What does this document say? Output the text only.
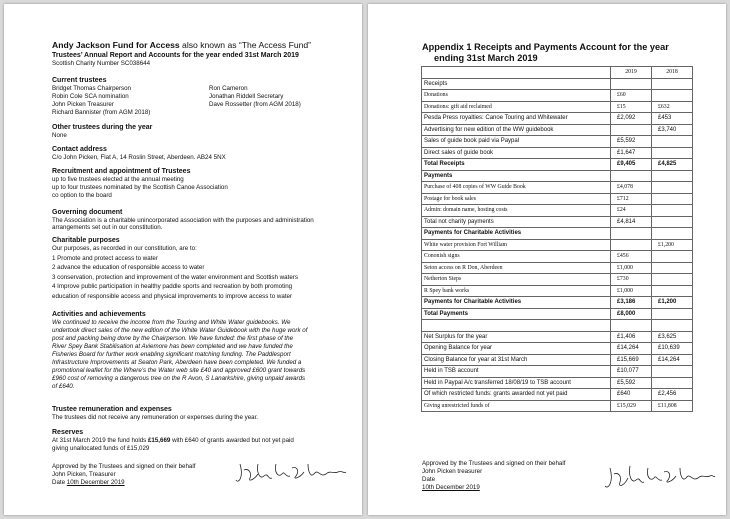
Andy Jackson Fund for Access also known as “The Access Fund”
Trustees’ Annual Report and Accounts for the year ended 31st March 2019
Scottish Charity Number SC038644
Current trustees
Bridget Thomas Chairperson
Robin Cole SCA nomination
John Picken Treasurer
Richard Bannister (from AGM 2018)
Ron Cameron
Jonathan Riddell Secretary
Dave Rossetter (from AGM 2018)
Other trustees during the year
None
Contact address
C/o John Picken, Flat A, 14 Roslin Street, Aberdeen. AB24 5NX
Recruitment and appointment of Trustees
up to five trustees elected at the annual meeting
up to four trustees nominated by the Scottish Canoe Association
co option to the board
Governing document
The Association is a charitable unincorporated association with the purposes and administration
arrangements set out in our constitution.
Charitable purposes
Our purposes, as recorded in our constitution, are to:
1 Promote and protect access to water
2 advance the education of responsible access to water
3 conservation, protection and improvement of the water environment and Scottish waters
4 Improve public participation in healthy paddle sports and recreation by both promoting
education of responsible access and physical improvements to improve access to water
Activities and achievements
We continued to receive the income from the Touring and White Water guidebooks. We
undertook direct sales of the new edition of the White Water Guidebook with the huge work of
post and packing being done by the Chairperson. We have funded: the first phase of the
River Spey Bank Stabilisation at Aviemore has been completed and we have funded the
Fisheries Board for further work enabling significant matching funding. The Paddlesport
Infrastructure Improvements at Seaton Park, Aberdeen have been completed. We funded a
promotional leaflet for the Where’s the Water web site £40 and approved £600 grant towards
£960 cost of removing a dangerous tree on the R Avon, S Lanarkshire, giving unpaid awards
of £640.
Trustee remuneration and expenses
The trustees did not receive any remuneration or expenses during the year.
Reserves
At 31st March 2019 the fund holds £15,669 with £640 of grants awarded but not yet paid
giving unallocated funds of £15,029
Approved by the Trustees and signed on their behalf
John Picken, Treasurer
Date 10th December 2019
Appendix 1 Receipts and Payments Account for the year
ending 31st March 2019
	2019	2018
Receipts		
Donations	£60	
Donations: gift aid reclaimed	£15	£632
Pesda Press royalties: Canoe Touring and Whitewater	£2,092	£453
Advertising for new edition of the WW guidebook		£3,740
Sales of guide book paid via Paypal	£5,592	
Direct sales of guide book	£1,647	
Total Receipts	£9,405	£4,825
Payments		
Purchase of 408 copies of WW Guide Book	£4,078	
Postage for book sales	£712	
Admin: domain name, hosting costs	£24	
Total not charity payments	£4,814	
Payments for Charitable Activities		
White water provision Fort William		£1,200
Cononish signs	£456	
Seton access on R Don, Aberdeen	£1,000	
Netherton Steps	£730	
R Spey bank works	£1,000	
Payments for Charitable Activities	£3,186	£1,200
Total Payments	£8,000	

Net Surplus for the year	£1,406	£3,625
Opening Balance for year	£14,264	£10,639
Closing Balance for year at 31st March	£15,669	£14,264
Held in TSB account	£10,077	
Held in Paypal A/c transferred 18/08/19 to TSB account	£5,592	
Of which restricted funds: grants awarded not yet paid	£640	£2,456
Giving unrestricted funds of	£15,029	£11,808
Approved by the Trustees and signed on their behalf
John Picken treasurer
Date
10th December 2019
